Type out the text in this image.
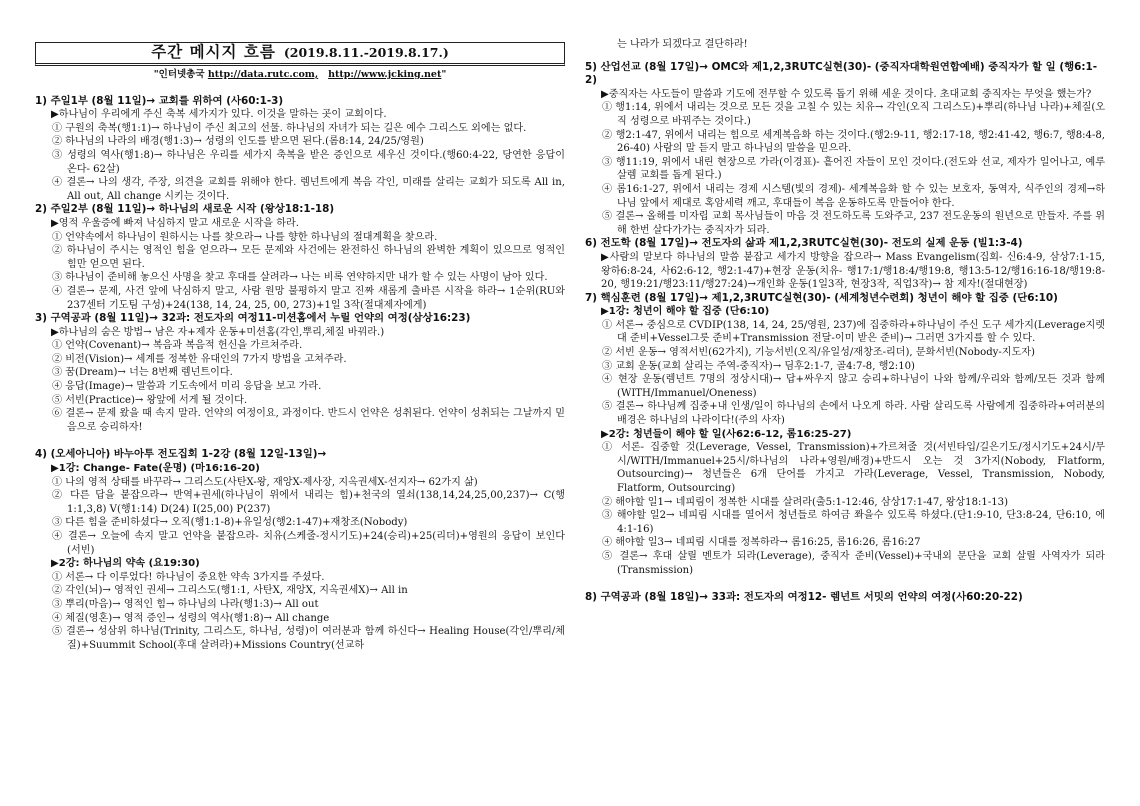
주간 메시지 흐름 (2019.8.11.-2019.8.17.)
"인터넷총국 http://data.rutc.com, http://www.jcking.net"
1) 주일1부 (8월 11일)→ 교회를 위하여 (사60:1-3)
▶하나님이 우리에게 주신 축복 세가지가 있다. 이것을 말하는 곳이 교회이다.
① 구원의 축복(행1:1)→ 하나님이 주신 최고의 선물. 하나님의 자녀가 되는 길은 예수 그리스도 외에는 없다.
② 하나님의 나라의 배경(행1:3)→ 성령의 인도를 받으면 된다.(롬8:14, 24/25/영원)
③ 성령의 역사(행1:8)→ 하나님은 우리를 세가지 축복을 받은 증인으로 세우신 것이다.(행60:4-22, 당연한 응답이 온다- 62살)
④ 결론→ 나의 생각, 주장, 의견을 교회를 위해야 한다. 렘넌트에게 복음 각인, 미래를 살리는 교회가 되도록 All in, All out, All change 시키는 것이다.
2) 주일2부 (8월 11일)→ 하나님의 새로운 시작 (왕상18:1-18)
▶영적 우울증에 빠져 낙심하지 말고 새로운 시작을 하라.
① 언약속에서 하나님이 원하시는 나를 찾으라→ 나를 향한 하나님의 절대계획을 찾으라.
② 하나님이 주시는 영적인 힘을 얻으라→ 모든 문제와 사건에는 완전하신 하나님의 완벽한 계획이 있으므로 영적인 힘만 얻으면 된다.
③ 하나님이 준비해 놓으신 사명을 찾고 후대를 살려라→ 나는 비록 연약하지만 내가 할 수 있는 사명이 남아 있다.
④ 결론→ 문제, 사건 앞에 낙심하지 말고, 사람 원망 불평하지 말고 진짜 새롭게 출바른 시작을 하라→ 1순위(RU와 237센터 기도팀 구성)+24(138, 14, 24, 25, 00, 273)+1일 3작(절대제자에게)
3) 구역공과 (8월 11일)→ 32과: 전도자의 여정11-미션홈에서 누릴 언약의 여정(삼상16:23)
▶하나님의 숨은 방법→ 남은 자+제자 운동+미션홈(각인,뿌리,체질 바꿔라.)
① 언약(Covenant)→ 복음과 복음적 헌신을 가르쳐주라.
② 비전(Vision)→ 세계를 정복한 유대인의 7가지 방법을 고쳐주라.
③ 꿈(Dream)→ 너는 8번째 렘넌트이다.
④ 응답(Image)→ 말씀과 기도속에서 미리 응답을 보고 가라.
⑤ 서빈(Practice)→ 왕앞에 서게 될 것이다.
⑥ 결론→ 문제 왔을 때 속지 말라. 언약의 여정이요, 과정이다. 반드시 언약은 성취된다. 언약이 성취되는 그날까지 믿음으로 승리하자!
4) (오세아니아) 바누아투 전도집회 1-2강 (8월 12일-13일)→
▶1강: Change- Fate(운명) (마16:16-20)
① 나의 영적 상태를 바꾸라→ 그리스도(사탄X-왕, 재앙X-제사장, 지옥권세X-선지자→ 62가지 삶)
② 다른 답을 붙잡으라→ 반역+권세(하나님이 위에서 내리는 힘)+천국의 열쇠(138,14,24,25,00,237)→ C(행1:1,3,8) V(행1:14) D(24) I(25,00) P(237)
③ 다른 힘을 준비하셨다→ 오직(행1:1-8)+유일성(행2:1-47)+재창조(Nobody)
④ 결론→ 오늘에 속지 말고 언약을 붙잡으라- 치유(스케줄-정시기도)+24(승리)+25(리더)+영원의 응답이 보인다(서빈)
▶2강: 하나님의 약속 (요19:30)
① 서론→ 다 이루었다! 하나님이 중요한 약속 3가지를 주셨다.
② 각인(뇌)→ 영적인 권세→ 그리스도(행1:1, 사탄X, 재앙X, 지옥권세X)→ All in
③ 뿌리(마음)→ 영적인 힘→ 하나님의 나라(행1:3)→ All out
④ 체질(영혼)→ 영적 증인→ 성령의 역사(행1:8)→ All change
⑤ 결론→ 성삼위 하나님(Trinity, 그리스도, 하나님, 성령)이 여러분과 함께 하신다→ Healing House(각인/뿌리/체질)+Suummit School(후대 살려라)+Missions Country(선교하
는 나라가 되겠다고 결단하라!
5) 산업선교 (8월 17일)→ OMC와 제1,2,3RUTC실현(30)- (중직자대학원연합예배) 중직자가 할 일 (행6:1-2)
▶중직자는 사도들이 말씀과 기도에 전무할 수 있도록 돕기 위해 세운 것이다. 초대교회 중직자는 무엇을 했는가?
① 행1:14, 위에서 내리는 것으로 모든 것을 고칠 수 있는 치유→ 각인(오직 그리스도)+뿌리(하나님 나라)+체질(오직 성령으로 바꿔주는 것이다.)
② 행2:1-47, 위에서 내리는 힘으로 세계복음화 하는 것이다.(행2:9-11, 행2:17-18, 행2:41-42, 행6:7, 행8:4-8, 26-40) 사람의 말 듣지 말고 하나님의 말씀을 믿으라.
③ 행11:19, 위에서 내린 현장으로 가라(이경표)- 흩어진 자들이 모인 것이다.(전도와 선교, 제자가 일어나고, 예루살렘 교회를 돕게 된다.)
④ 롬16:1-27, 위에서 내리는 경제 시스템(빛의 경제)- 세계복음화 할 수 있는 보호자, 동역자, 식주인의 경제→하나님 앞에서 제대로 혹암세력 깨고, 후대들이 복음 운동하도록 만들어야 한다.
⑤ 결론→ 올해를 미자립 교회 목사님들이 마음 것 전도하도록 도와주고, 237 전도운동의 원년으로 만들자. 주를 위해 한번 살다가가는 중직자가 되라.
6) 전도학 (8월 17일)→ 전도자의 삶과 제1,2,3RUTC실현(30)- 전도의 실제 운동 (빌1:3-4)
▶사람의 말보다 하나님의 말씀 붙잡고 세가지 방향을 잡으라→ Mass Evangelism(집회- 신6:4-9, 삼상7:1-15, 왕하6:8-24, 사62:6-12, 행2:1-47)+현장 운동(치유- 행17:1/행18:4/행19:8, 행13:5-12/행16:16-18/행19:8-20, 행19:21/행23:11/행27:24)→개인화 운동(1일3작, 현장3작, 직업3작)→ 참 제자!(절대현장)
7) 핵심훈련 (8월 17일)→ 제1,2,3RUTC실현(30)- (세계청년수련회) 청년이 해야 할 집중 (단6:10)
▶1강: 청년이 해야 할 집중 (단6:10)
① 서론→ 중심으로 CVDIP(138, 14, 24, 25/영원, 237)에 집중하라+하나님이 주신 도구 세가지(Leverage지렛대 준비+Vessel그릇 준비+Transmission 전달-이미 받은 준비)→ 그러면 3가지를 할 수 있다.
② 서빈 운동→ 영적서빈(62가지), 기능서빈(오직/유일성/재창조-리더), 문화서빈(Nobody-지도자)
③ 교회 운동(교회 살리는 주역-중직자)→ 딤후2:1-7, 골4:7-8, 행2:10)
④ 현장 운동(렘넌트 7명의 정상시대)→ 답+싸우지 않고 승리+하나님이 나와 함께/우리와 함께/모든 것과 함께(WITH/Immanuel/Oneness)
⑤ 결론→ 하나님께 집중+내 인생/일이 하나님의 손에서 나오게 하라. 사람 살리도록 사람에게 집중하라+여러분의 배경은 하나님의 나라이다!(주의 사자)
▶2강: 청년들이 해야 할 일(사62:6-12, 롬16:25-27)
① 서론- 집중할 것(Leverage, Vessel, Transmission)+가르쳐줄 것(서빈타입/길은기도/정시기도+24시/무시/WITH/Immanuel+25시/하나님의 나라+영원/배경)+반드시 오는 것 3가지(Nobody, Flatform, Outsourcing)→ 청년들은 6개 단어를 가지고 가라(Leverage, Vessel, Transmission, Nobody, Flatform, Outsourcing)
② 해야할 일1→ 네피림이 정복한 시대를 살려라(출5:1-12:46, 삼상17:1-47, 왕상18:1-13)
③ 해야할 일2→ 네피림 시대를 열어서 청년들로 하여금 쫘을수 있도록 하셨다.(단1:9-10, 단3:8-24, 단6:10, 에4:1-16)
④ 해야할 일3→ 네피림 시대를 정복하라→ 롬16:25, 롬16:26, 롬16:27
⑤ 결론→ 후대 살릴 멘토가 되라(Leverage), 중직자 준비(Vessel)+국내외 문단을 교회 살릴 사역자가 되라(Transmission)
8) 구역공과 (8월 18일)→ 33과: 전도자의 여정12- 렘넌트 서밋의 언약의 여정(사60:20-22)
